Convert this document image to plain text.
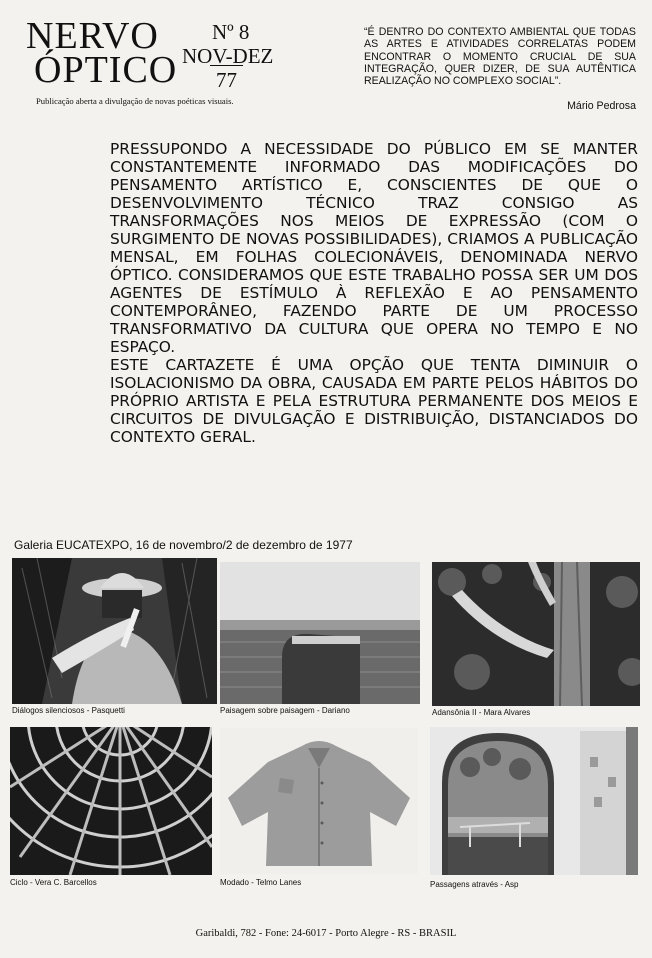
NERVO
ÓPTICO
Nº 8
NOV-DEZ
77
Publicação aberta a divulgação de novas poéticas visuais.
“É DENTRO DO CONTEXTO AMBIENTAL QUE TODAS AS ARTES E ATIVIDADES CORRELATAS PODEM ENCONTRAR O MOMENTO CRUCIAL DE SUA INTEGRAÇÃO, QUER DIZER, DE SUA AUTÊNTICA REALIZAÇÃO NO COMPLEXO SOCIAL”.
Mário Pedrosa

PRESSUPONDO A NECESSIDADE DO PÚBLICO EM SE MANTER CONSTANTEMENTE INFORMADO DAS MODIFICAÇÕES DO PENSAMENTO ARTÍSTICO E, CONSCIENTES DE QUE O DESENVOLVIMENTO TÉCNICO TRAZ CONSIGO AS TRANSFORMAÇÕES NOS MEIOS DE EXPRESSÃO (COM O SURGIMENTO DE NOVAS POSSIBILIDADES), CRIAMOS A PUBLICAÇÃO MENSAL, EM FOLHAS COLECIONÁVEIS, DENOMINADA NERVO ÓPTICO. CONSIDERAMOS QUE ESTE TRABALHO POSSA SER UM DOS AGENTES DE ESTÍMULO À REFLEXÃO E AO PENSAMENTO CONTEMPORÂNEO, FAZENDO PARTE DE UM PROCESSO TRANSFORMATIVO DA CULTURA QUE OPERA NO TEMPO E NO ESPAÇO.

ESTE CARTAZETE É UMA OPÇÃO QUE TENTA DIMINUIR O ISOLACIONISMO DA OBRA, CAUSADA EM PARTE PELOS HÁBITOS DO PRÓPRIO ARTISTA E PELA ESTRUTURA PERMANENTE DOS MEIOS E CIRCUITOS DE DIVULGAÇÃO E DISTRIBUIÇÃO, DISTANCIADOS DO CONTEXTO GERAL.

Galeria EUCATEXPO, 16 de novembro/2 de dezembro de 1977
Diálogos silenciosos - Pasquetti	Paisagem sobre paisagem - Dariano	Adansônia II - Mara Alvares
Ciclo - Vera C. Barcellos	Modado - Telmo Lanes	Passagens através - Asp
Garibaldi, 782 - Fone: 24-6017 - Porto Alegre - RS - BRASIL
